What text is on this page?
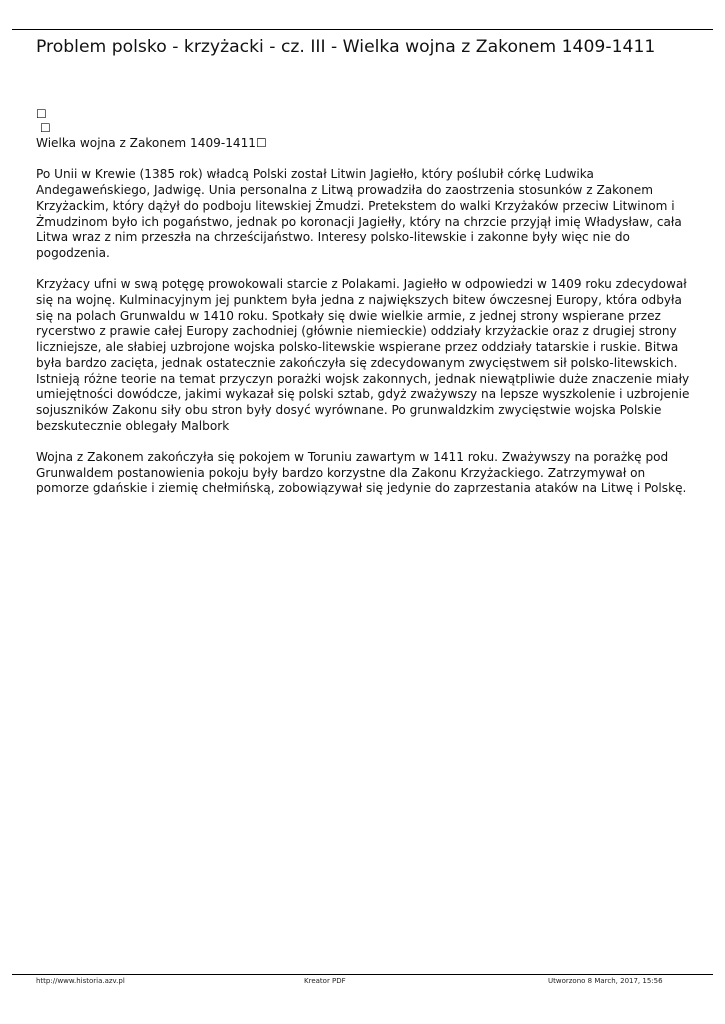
Problem polsko - krzyżacki - cz. III - Wielka wojna z Zakonem 1409-1411
☐
☐

Wielka wojna z Zakonem 1409-1411☐

Po Unii w Krewie (1385 rok) władcą Polski został Litwin Jagiełło, który poślubił córkę Ludwika Andegaweńskiego, Jadwigę. Unia personalna z Litwą prowadziła do zaostrzenia stosunków z Zakonem Krzyżackim, który dążył do podboju litewskiej Żmudzi. Pretekstem do walki Krzyżaków przeciw Litwinom i Żmudzinom było ich pogaństwo, jednak po koronacji Jagiełły, który na chrzcie przyjął imię Władysław, cała Litwa wraz z nim przeszła na chrześcijaństwo. Interesy polsko-litewskie i zakonne były więc nie do pogodzenia.

Krzyżacy ufni w swą potęgę prowokowali starcie z Polakami. Jagiełło w odpowiedzi w 1409 roku zdecydował się na wojnę. Kulminacyjnym jej punktem była jedna z największych bitew ówczesnej Europy, która odbyła się na polach Grunwaldu w 1410 roku. Spotkały się dwie wielkie armie, z jednej strony wspierane przez rycerstwo z prawie całej Europy zachodniej (głównie niemieckie) oddziały krzyżackie oraz z drugiej strony liczniejsze, ale słabiej uzbrojone wojska polsko-litewskie wspierane przez oddziały tatarskie i ruskie. Bitwa była bardzo zacięta, jednak ostatecznie zakończyła się zdecydowanym zwycięstwem sił polsko-litewskich. Istnieją różne teorie na temat przyczyn porażki wojsk zakonnych, jednak niewątpliwie duże znaczenie miały umiejętności dowódcze, jakimi wykazał się polski sztab, gdyż zważywszy na lepsze wyszkolenie i uzbrojenie sojuszników Zakonu siły obu stron były dosyć wyrównane. Po grunwaldzkim zwycięstwie wojska Polskie bezskutecznie oblegały Malbork

Wojna z Zakonem zakończyła się pokojem w Toruniu zawartym w 1411 roku. Zważywszy na porażkę pod Grunwaldem postanowienia pokoju były bardzo korzystne dla Zakonu Krzyżackiego. Zatrzymywał on pomorze gdańskie i ziemię chełmińską, zobowiązywał się jedynie do zaprzestania ataków na Litwę i Polskę.

http://www.historia.azv.pl	Kreator PDF	Utworzono 8 March, 2017, 15:56
